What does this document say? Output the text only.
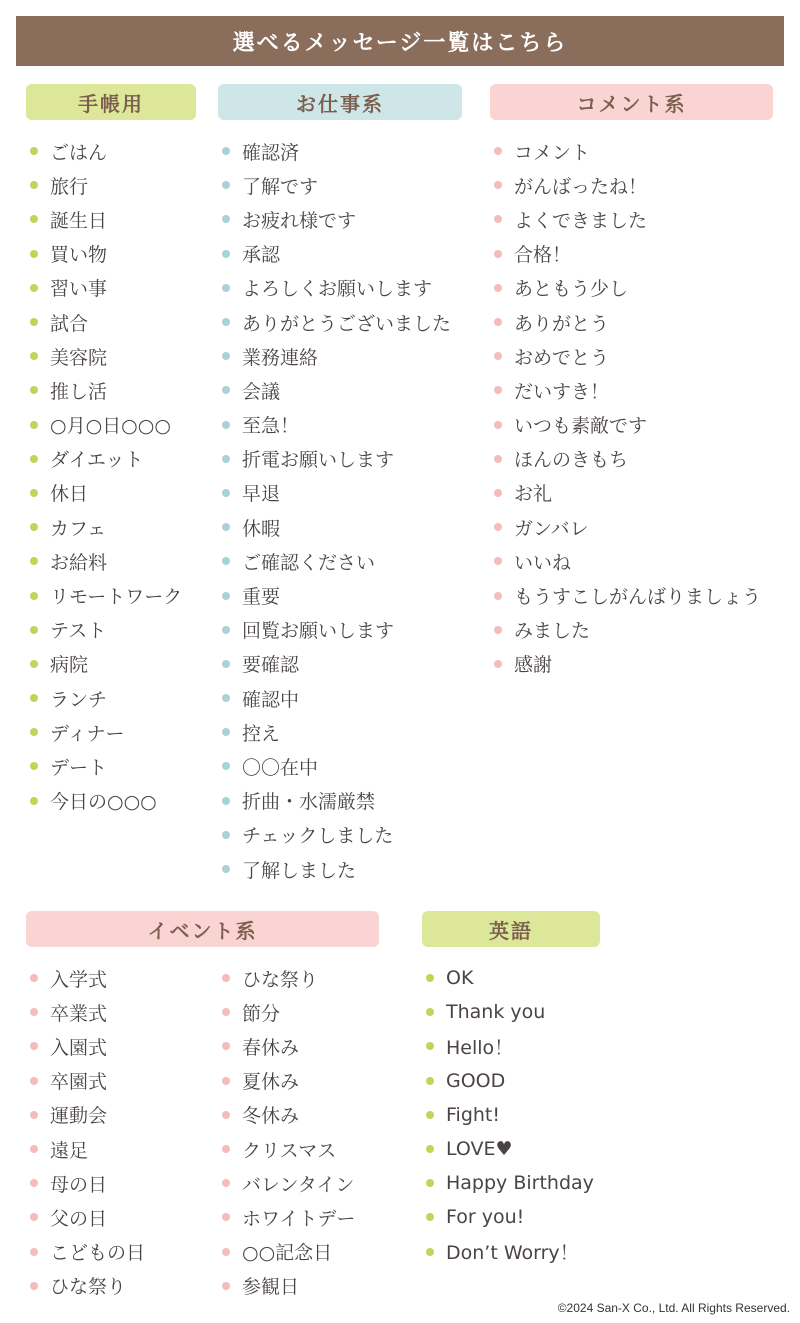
選べるメッセージ一覧はこちら
手帳用
ごはん
旅行
誕生日
買い物
習い事
試合
美容院
推し活
○月○日○○○
ダイエット
休日
カフェ
お給料
リモートワーク
テスト
病院
ランチ
ディナー
デート
今日の○○○
お仕事系
確認済
了解です
お疲れ様です
承認
よろしくお願いします
ありがとうございました
業務連絡
会議
至急！
折電お願いします
早退
休暇
ご確認ください
重要
回覧お願いします
要確認
確認中
控え
〇〇在中
折曲・水濡厳禁
チェックしました
了解しました
コメント系
コメント
がんばったね！
よくできました
合格！
あともう少し
ありがとう
おめでとう
だいすき！
いつも素敵です
ほんのきもち
お礼
ガンバレ
いいね
もうすこしがんばりましょう
みました
感謝
イベント系
入学式
卒業式
入園式
卒園式
運動会
遠足
母の日
父の日
こどもの日
ひな祭り
ひな祭り
節分
春休み
夏休み
冬休み
クリスマス
バレンタイン
ホワイトデー
○○記念日
参観日
英語
OK
Thank you
Hello！
GOOD
Fight!
LOVE♥
Happy Birthday
For you!
Don’t Worry！
©2024 San-X Co., Ltd. All Rights Reserved.
